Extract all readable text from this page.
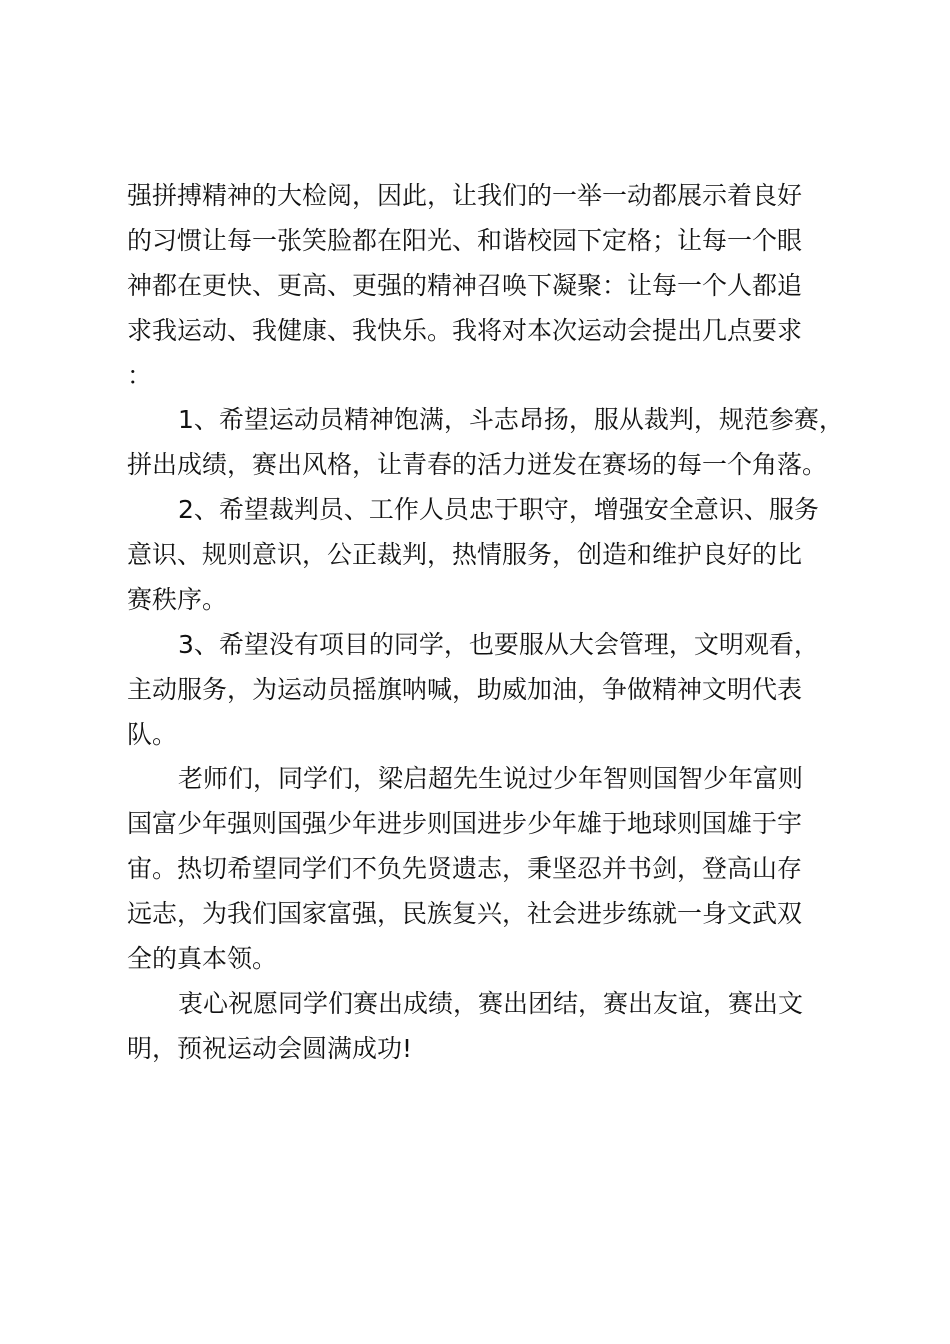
强拼搏精神的大检阅，因此，让我们的一举一动都展示着良好

的习惯让每一张笑脸都在阳光、和谐校园下定格；让每一个眼

神都在更快、更高、更强的精神召唤下凝聚：让每一个人都追

求我运动、我健康、我快乐。我将对本次运动会提出几点要求

：

1、希望运动员精神饱满，斗志昂扬，服从裁判，规范参赛，

拼出成绩，赛出风格，让青春的活力迸发在赛场的每一个角落。

2、希望裁判员、工作人员忠于职守，增强安全意识、服务

意识、规则意识，公正裁判，热情服务，创造和维护良好的比

赛秩序。

3、希望没有项目的同学，也要服从大会管理，文明观看，

主动服务，为运动员摇旗呐喊，助威加油，争做精神文明代表

队。

老师们，同学们，梁启超先生说过少年智则国智少年富则

国富少年强则国强少年进步则国进步少年雄于地球则国雄于宇

宙。热切希望同学们不负先贤遗志，秉坚忍并书剑，登高山存

远志，为我们国家富强，民族复兴，社会进步练就一身文武双

全的真本领。

衷心祝愿同学们赛出成绩，赛出团结，赛出友谊，赛出文

明，预祝运动会圆满成功!
